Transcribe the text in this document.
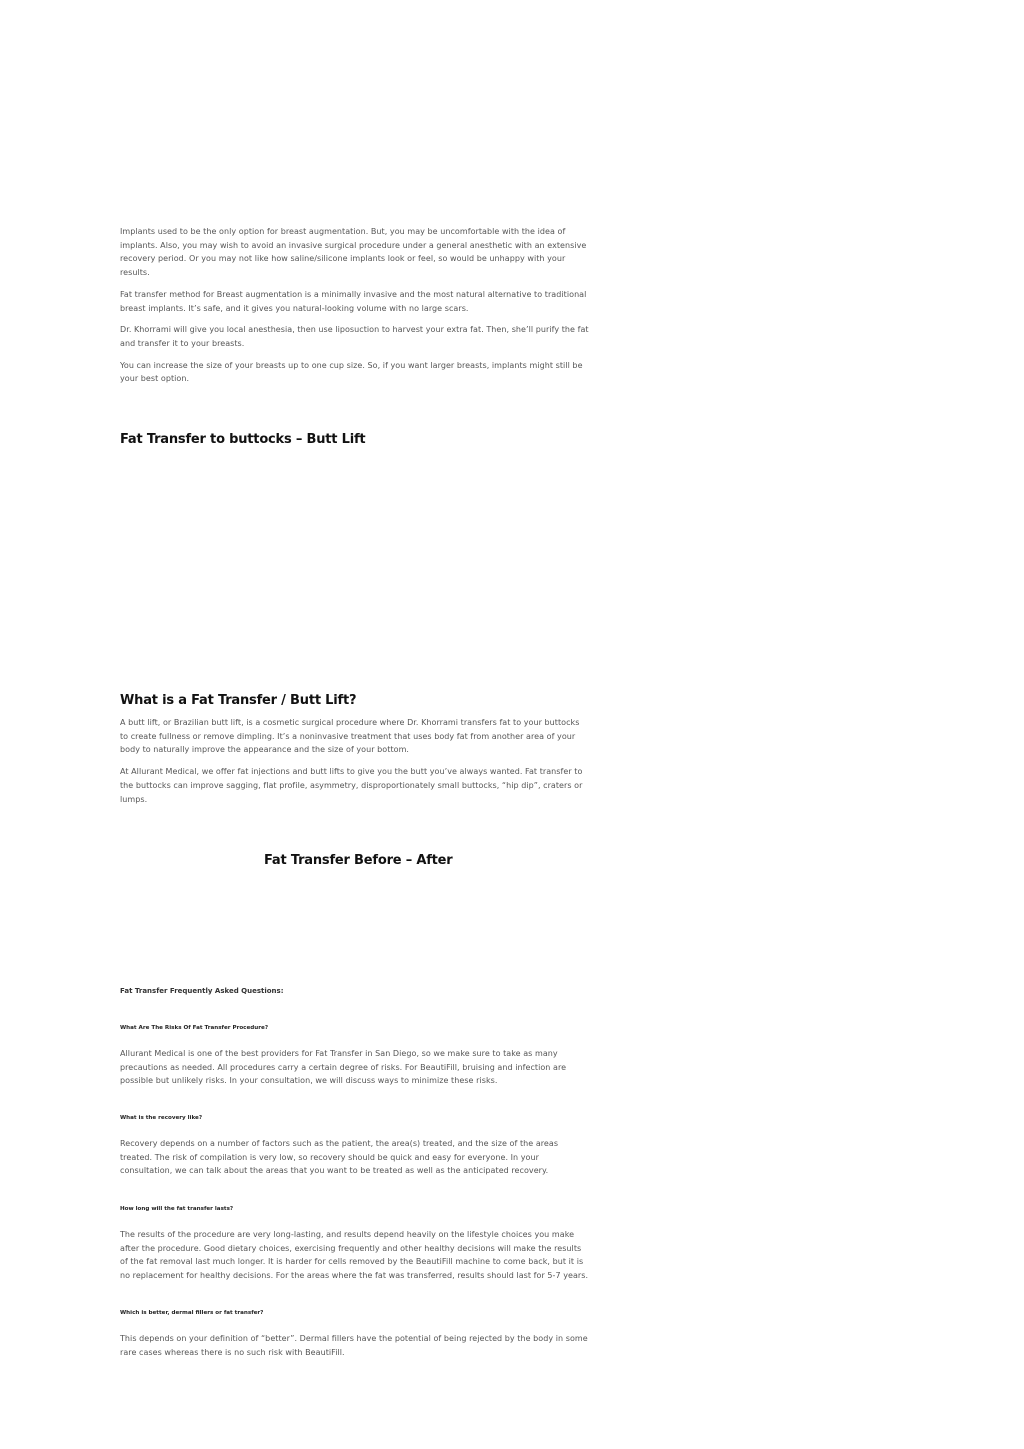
Implants used to be the only option for breast augmentation. But, you may be uncomfortable with the idea of implants. Also, you may wish to avoid an invasive surgical procedure under a general anesthetic with an extensive recovery period. Or you may not like how saline/silicone implants look or feel, so would be unhappy with your results.

Fat transfer method for Breast augmentation is a minimally invasive and the most natural alternative to traditional breast implants. It’s safe, and it gives you natural-looking volume with no large scars.

Dr. Khorrami will give you local anesthesia, then use liposuction to harvest your extra fat. Then, she’ll purify the fat and transfer it to your breasts.

You can increase the size of your breasts up to one cup size. So, if you want larger breasts, implants might still be your best option.

Fat Transfer to buttocks – Butt Lift
What is a Fat Transfer / Butt Lift?

A butt lift, or Brazilian butt lift, is a cosmetic surgical procedure where Dr. Khorrami transfers fat to your buttocks to create fullness or remove dimpling. It’s a noninvasive treatment that uses body fat from another area of your body to naturally improve the appearance and the size of your bottom.

At Allurant Medical, we offer fat injections and butt lifts to give you the butt you’ve always wanted. Fat transfer to the buttocks can improve sagging, flat profile, asymmetry, disproportionately small buttocks, “hip dip”, craters or lumps.

Fat Transfer Before – After
Fat Transfer Frequently Asked Questions:
What Are The Risks Of Fat Transfer Procedure?

Allurant Medical is one of the best providers for Fat Transfer in San Diego, so we make sure to take as many precautions as needed. All procedures carry a certain degree of risks. For BeautiFill, bruising and infection are possible but unlikely risks. In your consultation, we will discuss ways to minimize these risks.

What is the recovery like?

Recovery depends on a number of factors such as the patient, the area(s) treated, and the size of the areas treated. The risk of compilation is very low, so recovery should be quick and easy for everyone. In your consultation, we can talk about the areas that you want to be treated as well as the anticipated recovery.

How long will the fat transfer lasts?

The results of the procedure are very long-lasting, and results depend heavily on the lifestyle choices you make after the procedure. Good dietary choices, exercising frequently and other healthy decisions will make the results of the fat removal last much longer. It is harder for cells removed by the BeautiFill machine to come back, but it is no replacement for healthy decisions. For the areas where the fat was transferred, results should last for 5-7 years.

Which is better, dermal fillers or fat transfer?

This depends on your definition of “better”. Dermal fillers have the potential of being rejected by the body in some rare cases whereas there is no such risk with BeautiFill.
